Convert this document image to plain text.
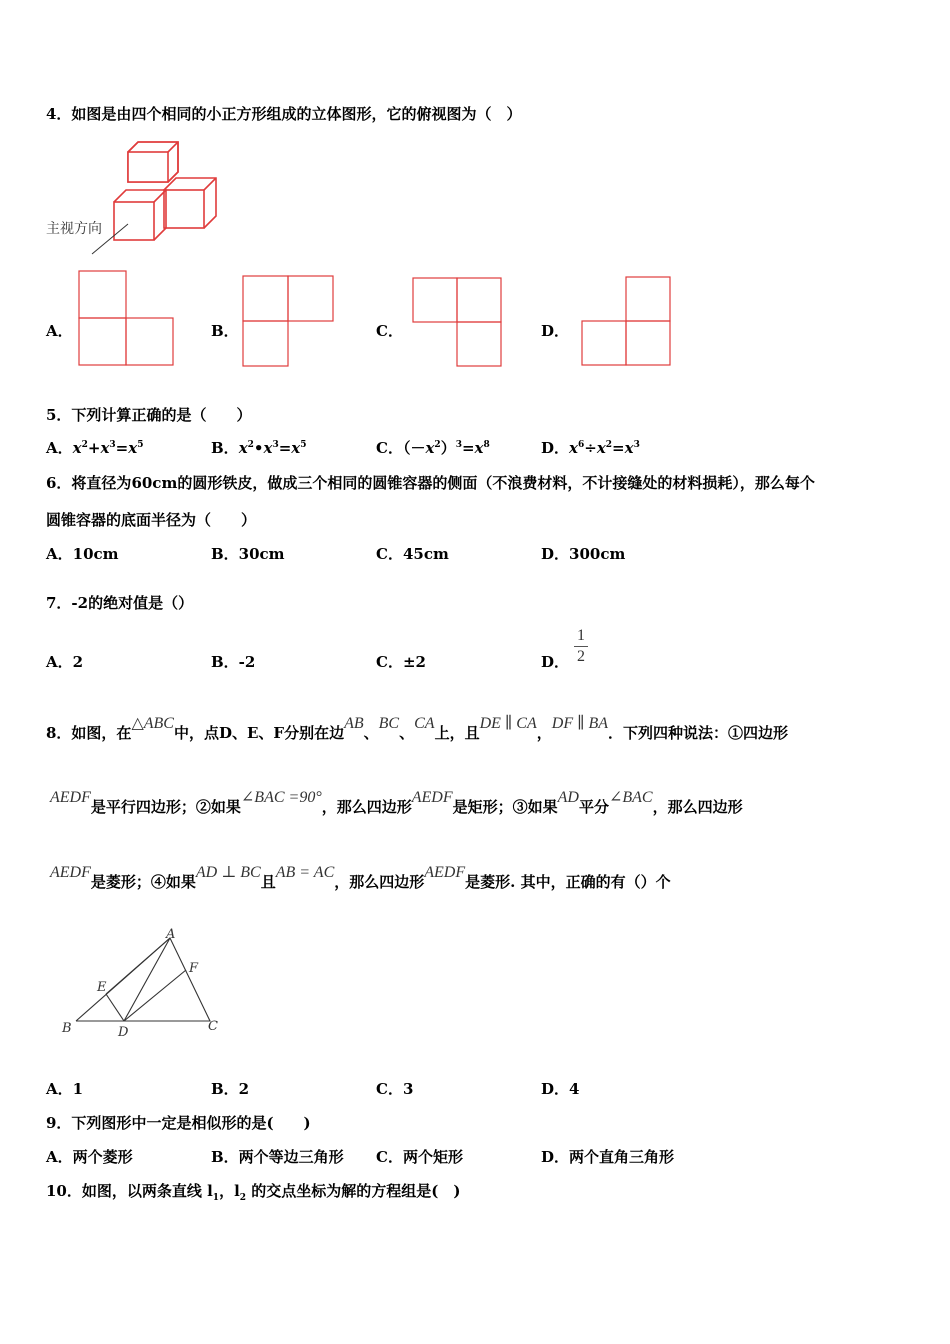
4．如图是由四个相同的小正方形组成的立体图形，它的俯视图为（　）
主视方向
A．	B．	C．	D．
5．下列计算正确的是（　　）
A．$x^2+x^3=x^5$	B．$x^2•x^3=x^5$	C．$(-x^2)^3=x^8$	D．$x^6\div x^2=x^3$
6．将直径为60cm的圆形铁皮，做成三个相同的圆锥容器的侧面（不浪费材料，不计接缝处的材料损耗），那么每个
圆锥容器的底面半径为（　　）
A．10cm	B．30cm	C．45cm	D．300cm
7．-2的绝对值是（）
A．2	B．-2	C．±2	D． $\frac{1}{2}$
8．如图，在△ABC中，点D、E、F分别在边AB、BC、CA上，且DE ∥ CA，DF ∥ BA．下列四种说法：①四边形
AEDF是平行四边形；②如果∠BAC =90°，那么四边形AEDF是矩形；③如果AD平分∠BAC，那么四边形
AEDF是菱形；④如果AD ⊥ BC且AB = AC，那么四边形AEDF是菱形. 其中，正确的有（）个
A
B	C
D
E
F
A．1	B．2	C．3	D．4
9．下列图形中一定是相似形的是(　　)
A．两个菱形	B．两个等边三角形 C．两个矩形	D．两个直角三角形
10．如图，以两条直线 $l_1$，$l_2$ 的交点坐标为解的方程组是(　)
